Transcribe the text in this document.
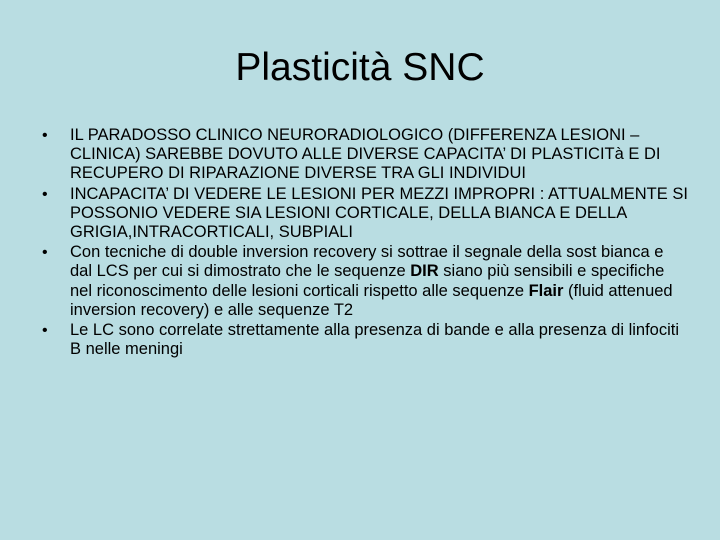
Plasticità SNC
• IL PARADOSSO CLINICO NEURORADIOLOGICO (DIFFERENZA LESIONI –CLINICA) SAREBBE DOVUTO ALLE DIVERSE CAPACITA’ DI PLASTICITà E DI RECUPERO DI RIPARAZIONE DIVERSE TRA GLI INDIVIDUI
• INCAPACITA’ DI VEDERE LE LESIONI PER MEZZI IMPROPRI : ATTUALMENTE SI POSSONIO VEDERE SIA LESIONI CORTICALE, DELLA BIANCA E DELLA GRIGIA,INTRACORTICALI, SUBPIALI
• Con tecniche di double inversion recovery si sottrae il segnale della sost bianca e dal LCS per cui si dimostrato che le sequenze DIR siano più sensibili e specifiche nel riconoscimento delle lesioni corticali rispetto alle sequenze Flair (fluid attenued inversion recovery) e alle sequenze T2
• Le LC sono correlate strettamente alla presenza di bande e alla presenza di linfociti B nelle meningi
